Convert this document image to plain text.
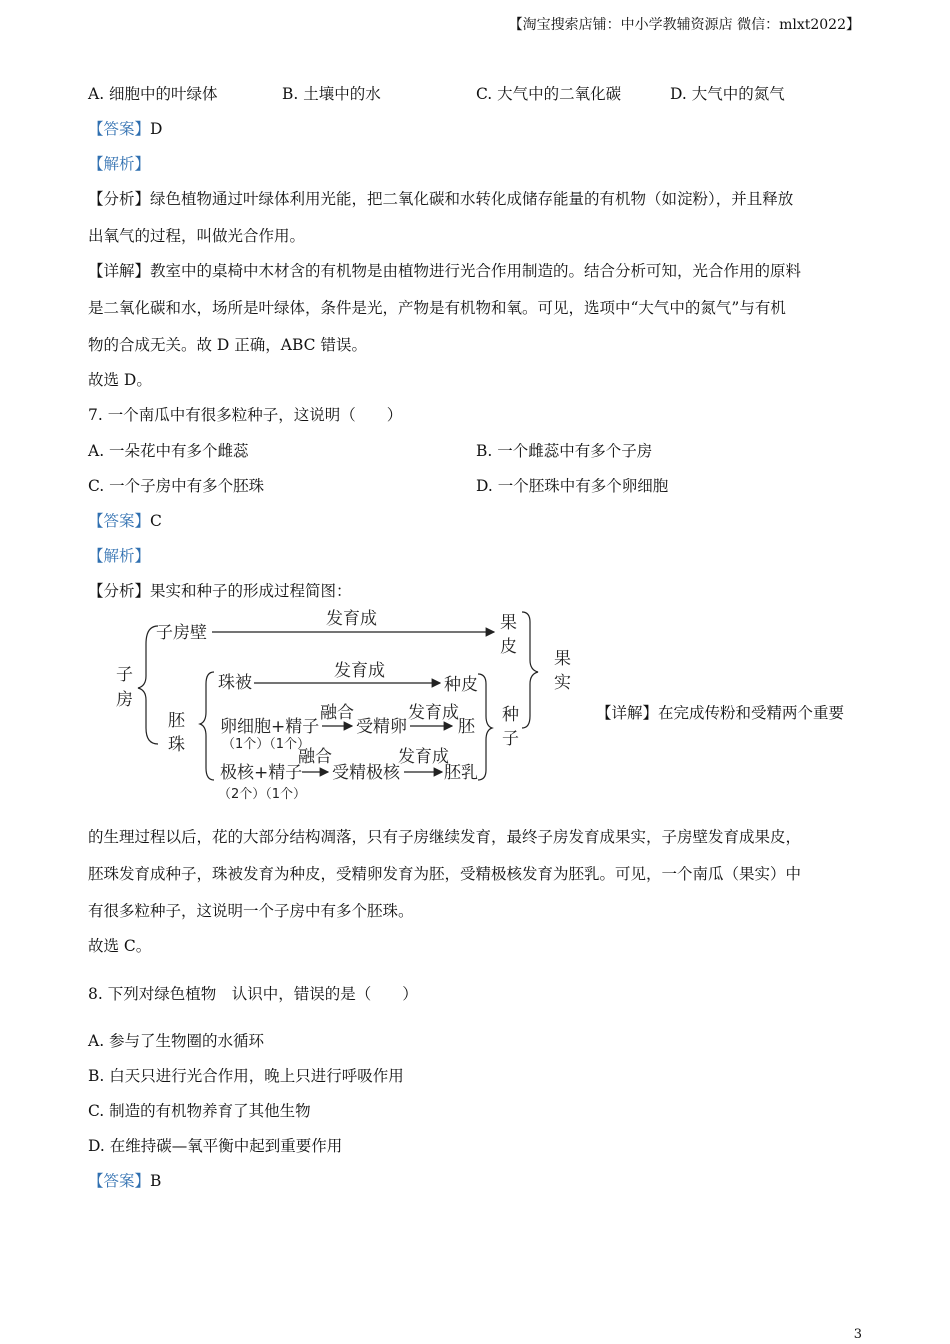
【淘宝搜索店铺：中小学教辅资源店 微信：mlxt2022】
A. 细胞中的叶绿体	B. 土壤中的水	C. 大气中的二氧化碳	D. 大气中的氮气
【答案】D
【解析】
【分析】绿色植物通过叶绿体利用光能，把二氧化碳和水转化成储存能量的有机物（如淀粉），并且释放
出氧气的过程，叫做光合作用。
【详解】教室中的桌椅中木材含的有机物是由植物进行光合作用制造的。结合分析可知，光合作用的原料
是二氧化碳和水，场所是叶绿体，条件是光，产物是有机物和氧。可见，选项中“大气中的氮气”与有机
物的合成无关。故 D 正确，ABC 错误。
故选 D。
7. 一个南瓜中有很多粒种子，这说明（　　）
A. 一朵花中有多个雌蕊	B. 一个雌蕊中有多个子房
C. 一个子房中有多个胚珠	D. 一个胚珠中有多个卵细胞
【答案】C
【解析】
【分析】果实和种子的形成过程简图：
子
房
子房壁
发育成	果
皮
果
实
胚
珠
珠被
发育成
种皮
卵细胞+精子
（1个）（1个）
融合
受精卵
发育成
胚
种
子
极核+精子
（2个）（1个）
融合
受精极核
发育成
胚乳
【详解】在完成传粉和受精两个重要
的生理过程以后，花的大部分结构凋落，只有子房继续发育，最终子房发育成果实，子房壁发育成果皮，
胚珠发育成种子，珠被发育为种皮，受精卵发育为胚，受精极核发育为胚乳。可见，一个南瓜（果实）中
有很多粒种子，这说明一个子房中有多个胚珠。
故选 C。
8. 下列对绿色植物　认识中，错误的是（　　）
A. 参与了生物圈的水循环
B. 白天只进行光合作用，晚上只进行呼吸作用
C. 制造的有机物养育了其他生物
D. 在维持碳—氧平衡中起到重要作用
【答案】B
3
